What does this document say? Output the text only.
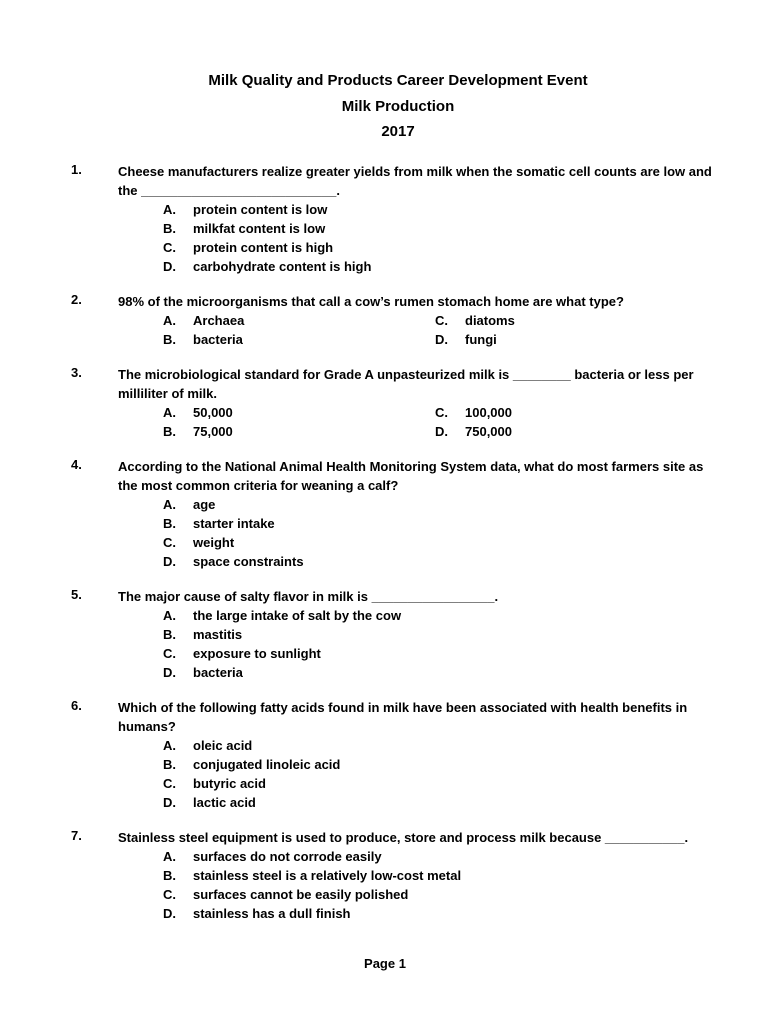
Milk Quality and Products Career Development Event
Milk Production
2017
1.	Cheese manufacturers realize greater yields from milk when the somatic cell counts are low and the ___________________________.
A.	protein content is low
B.	milkfat content is low
C.	protein content is high
D.	carbohydrate content is high
2.	98% of the microorganisms that call a cow’s rumen stomach home are what type?
A.	Archaea	C.	diatoms
B.	bacteria	D.	fungi
3.	The microbiological standard for Grade A unpasteurized milk is ________ bacteria or less per milliliter of milk.
A.	50,000	C.	100,000
B.	75,000	D.	750,000
4.	According to the National Animal Health Monitoring System data, what do most farmers site as the most common criteria for weaning a calf?
A.	age
B.	starter intake
C.	weight
D.	space constraints
5.	The major cause of salty flavor in milk is _________________.
A.	the large intake of salt by the cow
B.	mastitis
C.	exposure to sunlight
D.	bacteria
6.	Which of the following fatty acids found in milk have been associated with health benefits in humans?
A.	oleic acid
B.	conjugated linoleic acid
C.	butyric acid
D.	lactic acid
7.	Stainless steel equipment is used to produce, store and process milk because ___________.
A.	surfaces do not corrode easily
B.	stainless steel is a relatively low-cost metal
C.	surfaces cannot be easily polished
D.	stainless has a dull finish
Page 1
